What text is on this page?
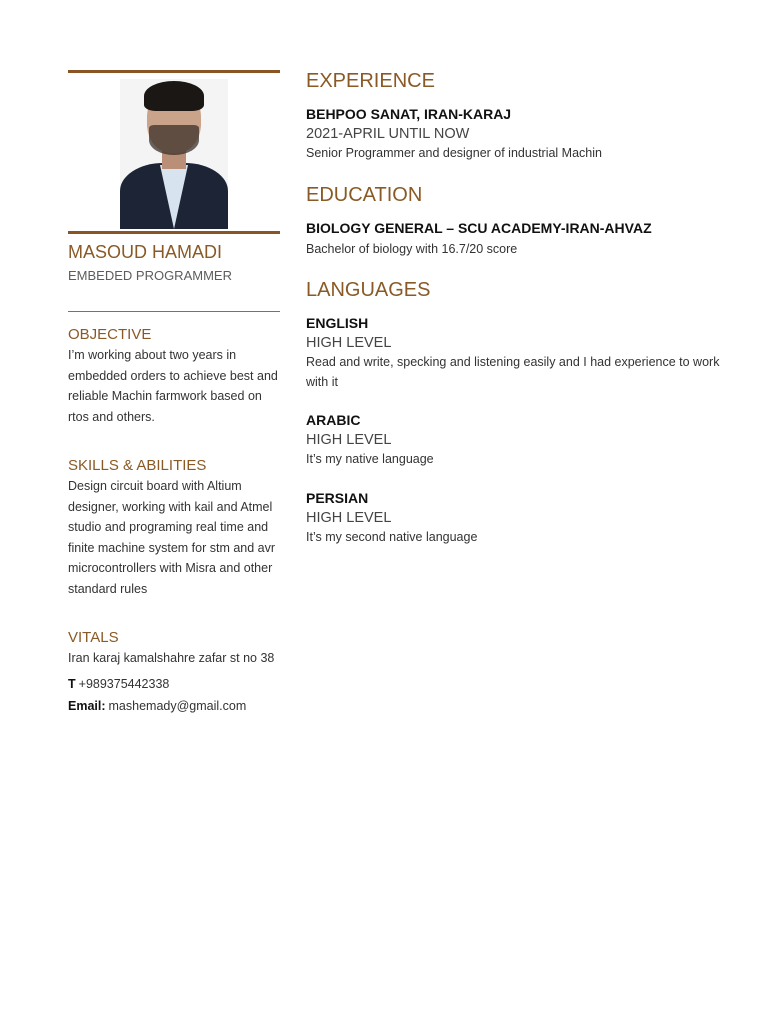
MASOUD HAMADI
EMBEDED PROGRAMMER
OBJECTIVE
I’m working about two years in embedded orders to achieve best and reliable Machin farmwork based on rtos and others.
SKILLS & ABILITIES
Design circuit board with Altium designer, working with kail and Atmel studio and programing real time and finite machine system for stm and avr microcontrollers with Misra and other standard rules
VITALS
Iran karaj kamalshahre zafar st no 38
T +989375442338
Email: mashemady@gmail.com
EXPERIENCE
BEHPOO SANAT, IRAN-KARAJ
2021-APRIL UNTIL NOW
Senior Programmer and designer of industrial Machin
EDUCATION
BIOLOGY GENERAL – SCU ACADEMY-IRAN-AHVAZ
Bachelor of biology with 16.7/20 score
LANGUAGES
ENGLISH
HIGH LEVEL
Read and write, specking and listening easily and I had experience to work with it
ARABIC
HIGH LEVEL
It’s my native language
PERSIAN
HIGH LEVEL
It’s my second native language
